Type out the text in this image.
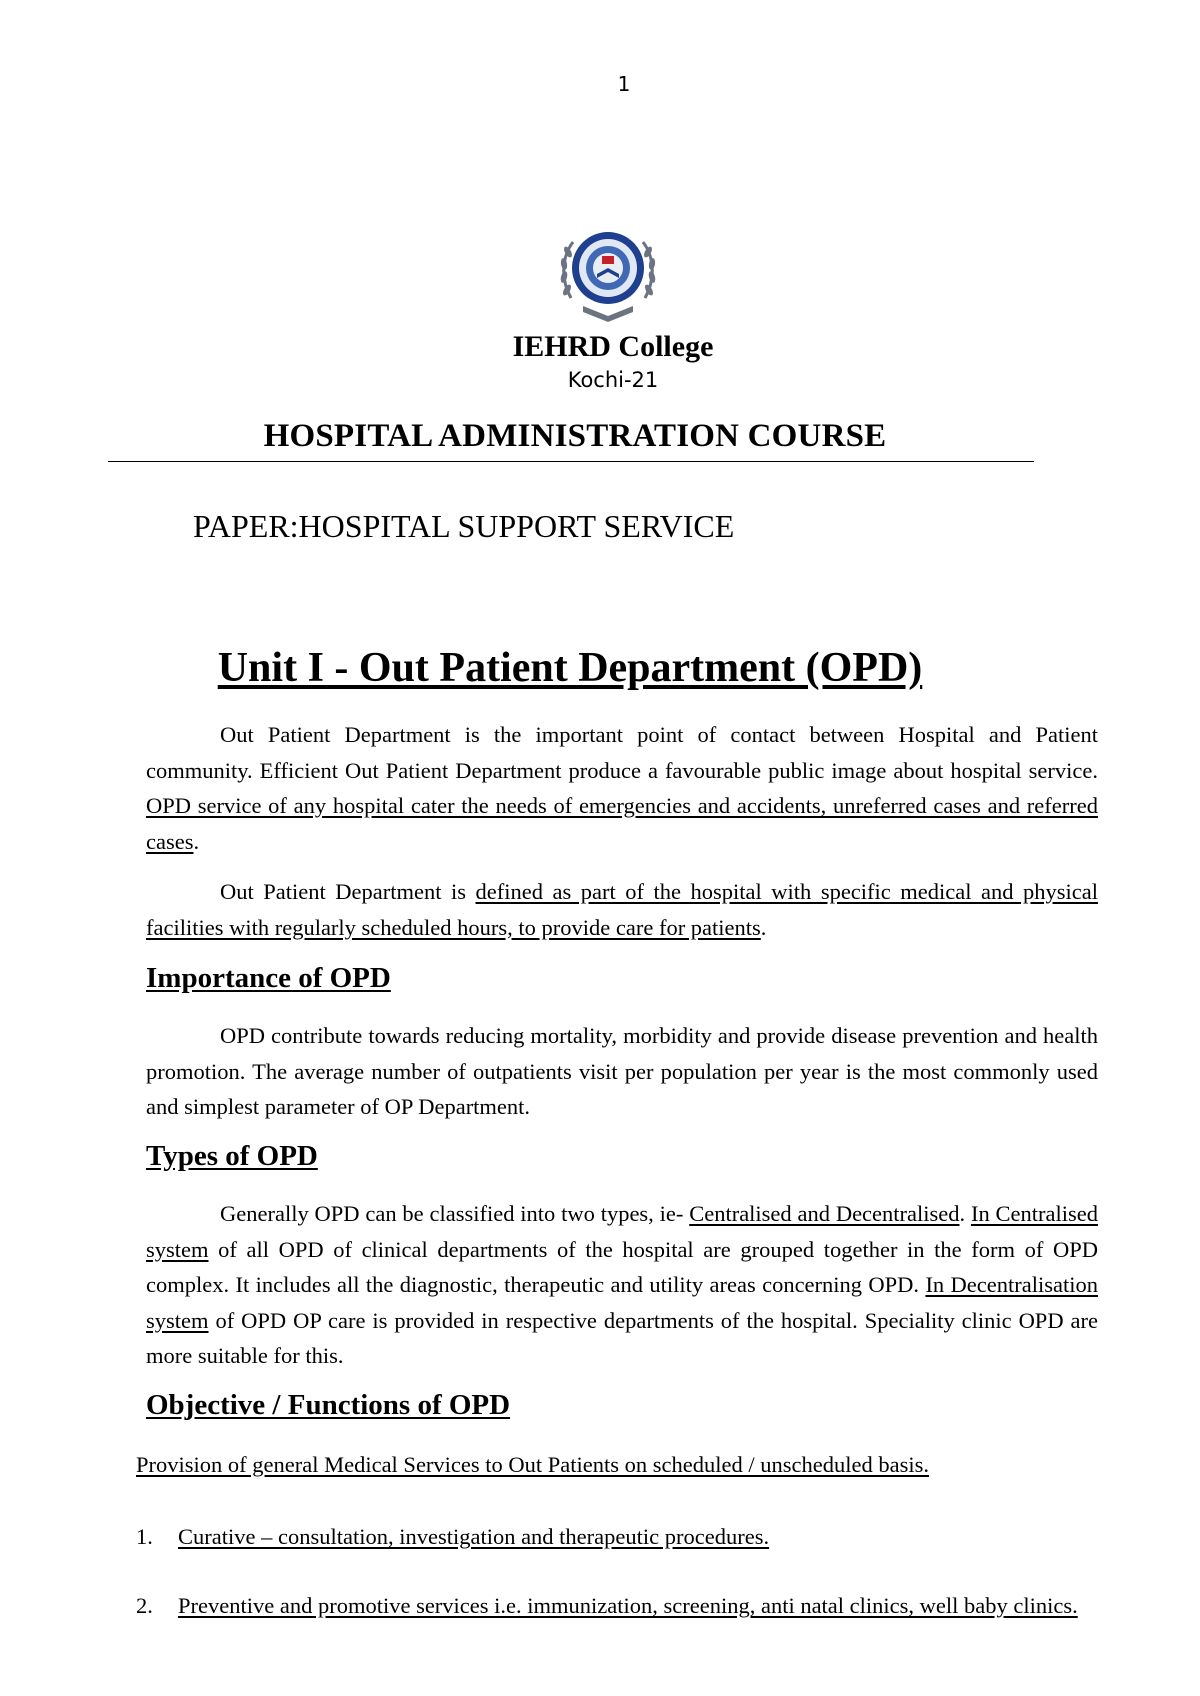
1
IEHRD College
Kochi-21
HOSPITAL ADMINISTRATION COURSE
PAPER:HOSPITAL SUPPORT SERVICE
Unit I - Out Patient Department (OPD)

Out Patient Department is the important point of contact between Hospital and Patient community. Efficient Out Patient Department produce a favourable public image about hospital service. OPD service of any hospital cater the needs of emergencies and accidents, unreferred cases and referred cases.

Out Patient Department is defined as part of the hospital with specific medical and physical facilities with regularly scheduled hours, to provide care for patients.

Importance of OPD

OPD contribute towards reducing mortality, morbidity and provide disease prevention and health promotion. The average number of outpatients visit per population per year is the most commonly used and simplest parameter of OP Department.

Types of OPD

Generally OPD can be classified into two types, ie- Centralised and Decentralised. In Centralised system of all OPD of clinical departments of the hospital are grouped together in the form of OPD complex. It includes all the diagnostic, therapeutic and utility areas concerning OPD. In Decentralisation system of OPD OP care is provided in respective departments of the hospital. Speciality clinic OPD are more suitable for this.

Objective / Functions of OPD
Provision of general Medical Services to Out Patients on scheduled / unscheduled basis.
1. Curative – consultation, investigation and therapeutic procedures.
2. Preventive and promotive services i.e. immunization, screening, anti natal clinics, well baby clinics.
